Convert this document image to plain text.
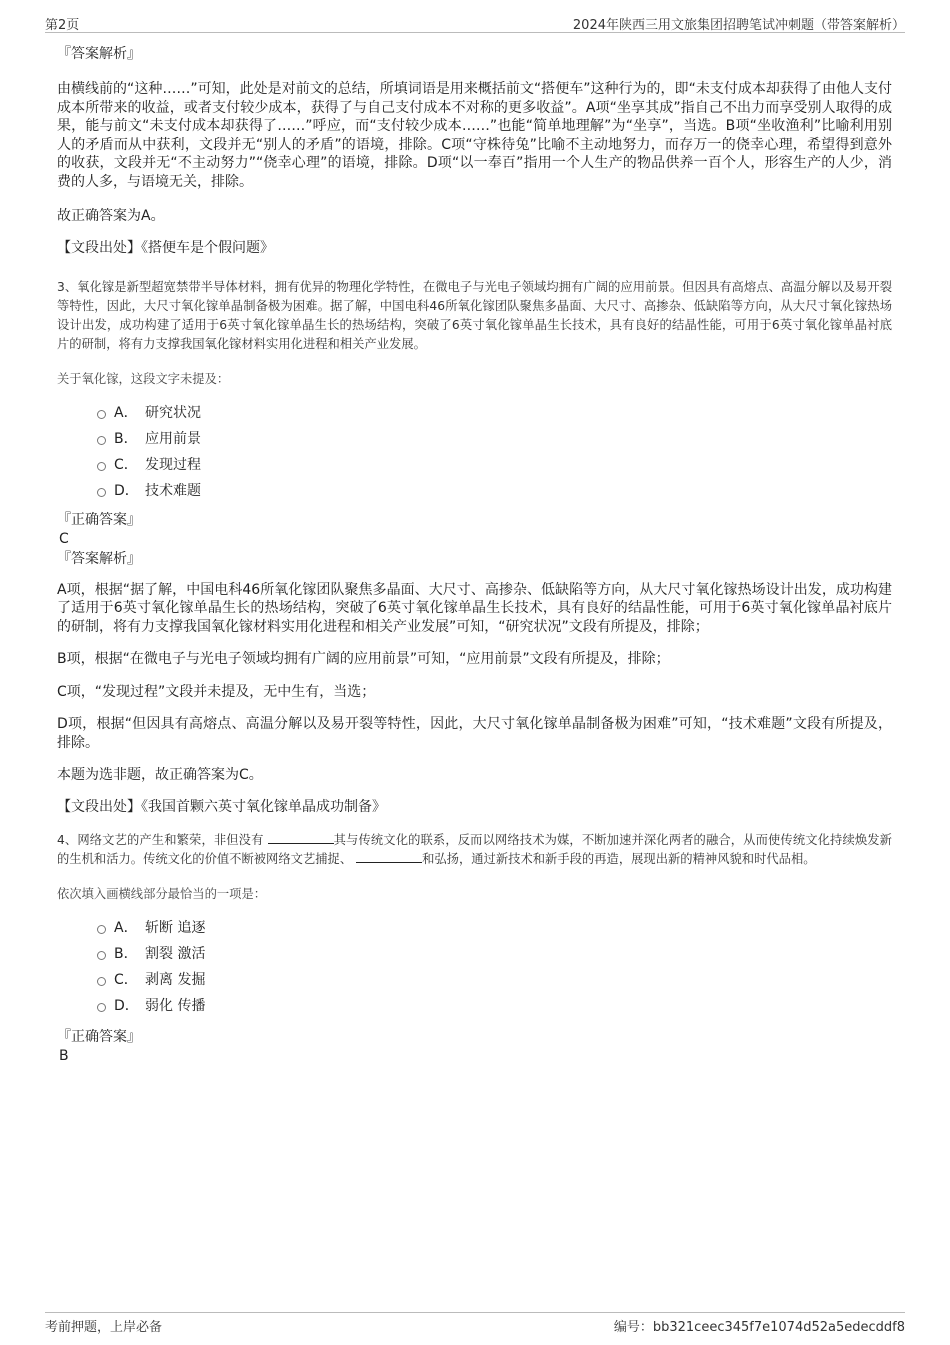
第2页	2024年陕西三用文旅集团招聘笔试冲刺题（带答案解析）

『答案解析』

由横线前的“这种……”可知，此处是对前文的总结，所填词语是用来概括前文“搭便车”这种行为的，即“未支付成本却获得了由他人支付成本所带来的收益，或者支付较少成本，获得了与自己支付成本不对称的更多收益”。A项“坐享其成”指自己不出力而享受别人取得的成果，能与前文“未支付成本却获得了……”呼应，而“支付较少成本……”也能“简单地理解”为“坐享”，当选。B项“坐收渔利”比喻利用别人的矛盾而从中获利，文段并无“别人的矛盾”的语境，排除。C项“守株待兔”比喻不主动地努力，而存万一的侥幸心理，希望得到意外的收获，文段并无“不主动努力”“侥幸心理”的语境，排除。D项“以一奉百”指用一个人生产的物品供养一百个人，形容生产的人少，消费的人多，与语境无关，排除。

故正确答案为A。

【文段出处】《搭便车是个假问题》

3、氧化镓是新型超宽禁带半导体材料，拥有优异的物理化学特性，在微电子与光电子领域均拥有广阔的应用前景。但因具有高熔点、高温分解以及易开裂等特性，因此，大尺寸氧化镓单晶制备极为困难。据了解，中国电科46所氧化镓团队聚焦多晶面、大尺寸、高掺杂、低缺陷等方向，从大尺寸氧化镓热场设计出发，成功构建了适用于6英寸氧化镓单晶生长的热场结构，突破了6英寸氧化镓单晶生长技术，具有良好的结晶性能，可用于6英寸氧化镓单晶衬底片的研制，将有力支撑我国氧化镓材料实用化进程和相关产业发展。

关于氧化镓，这段文字未提及：

A． 研究状况
B． 应用前景
C． 发现过程
D． 技术难题

『正确答案』

C

『答案解析』

A项，根据“据了解，中国电科46所氧化镓团队聚焦多晶面、大尺寸、高掺杂、低缺陷等方向，从大尺寸氧化镓热场设计出发，成功构建了适用于6英寸氧化镓单晶生长的热场结构，突破了6英寸氧化镓单晶生长技术，具有良好的结晶性能，可用于6英寸氧化镓单晶衬底片的研制，将有力支撑我国氧化镓材料实用化进程和相关产业发展”可知，“研究状况”文段有所提及，排除；

B项，根据“在微电子与光电子领域均拥有广阔的应用前景”可知，“应用前景”文段有所提及，排除；

C项，“发现过程”文段并未提及，无中生有，当选；

D项，根据“但因具有高熔点、高温分解以及易开裂等特性，因此，大尺寸氧化镓单晶制备极为困难”可知，“技术难题”文段有所提及，排除。

本题为选非题，故正确答案为C。

【文段出处】《我国首颗六英寸氧化镓单晶成功制备》

4、网络文艺的产生和繁荣，非但没有	其与传统文化的联系，反而以网络技术为媒，不断加速并深化两者的融合，从而使传统文化持续焕发新的生机和活力。传统文化的价值不断被网络文艺捕捉、	和弘扬，通过新技术和新手段的再造，展现出新的精神风貌和时代品相。

依次填入画横线部分最恰当的一项是：

A． 斩断 追逐
B． 割裂 激活
C． 剥离 发掘
D． 弱化 传播

『正确答案』

B

考前押题，上岸必备	编号：bb321ceec345f7e1074d52a5edecddf8
